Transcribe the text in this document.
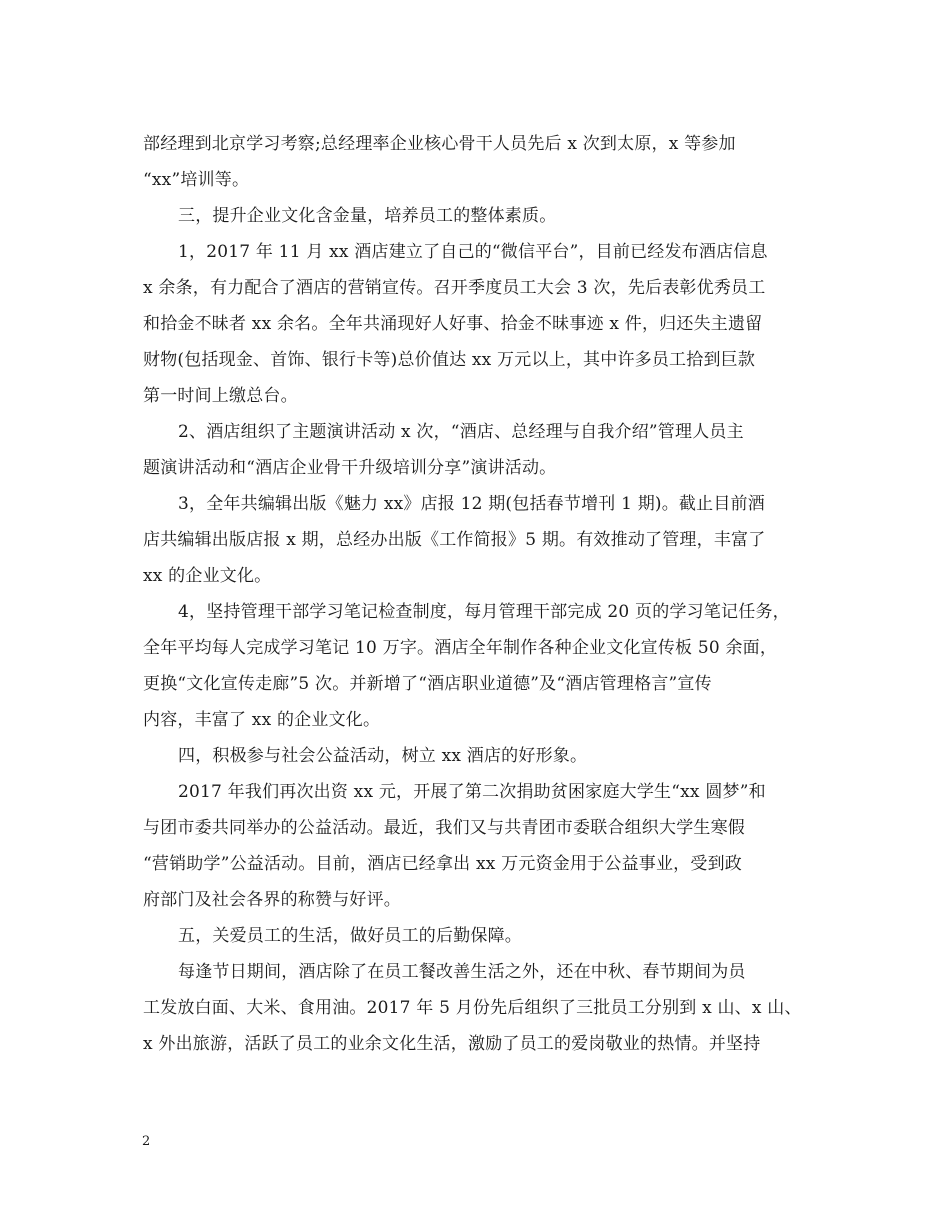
部经理到北京学习考察;总经理率企业核心骨干人员先后 x 次到太原，x 等参加
“xx”培训等。
三，提升企业文化含金量，培养员工的整体素质。
1，2017 年 11 月 xx 酒店建立了自己的“微信平台”，目前已经发布酒店信息
x 余条，有力配合了酒店的营销宣传。召开季度员工大会 3 次，先后表彰优秀员工
和拾金不昧者 xx 余名。全年共涌现好人好事、拾金不昧事迹 x 件，归还失主遗留
财物(包括现金、首饰、银行卡等)总价值达 xx 万元以上，其中许多员工拾到巨款
第一时间上缴总台。
2、酒店组织了主题演讲活动 x 次，“酒店、总经理与自我介绍”管理人员主
题演讲活动和“酒店企业骨干升级培训分享”演讲活动。
3，全年共编辑出版《魅力 xx》店报 12 期(包括春节增刊 1 期)。截止目前酒
店共编辑出版店报 x 期，总经办出版《工作简报》5 期。有效推动了管理，丰富了
xx 的企业文化。
4，坚持管理干部学习笔记检查制度，每月管理干部完成 20 页的学习笔记任务，
全年平均每人完成学习笔记 10 万字。酒店全年制作各种企业文化宣传板 50 余面，
更换“文化宣传走廊”5 次。并新增了“酒店职业道德”及“酒店管理格言”宣传
内容，丰富了 xx 的企业文化。
四，积极参与社会公益活动，树立 xx 酒店的好形象。
2017 年我们再次出资 xx 元，开展了第二次捐助贫困家庭大学生“xx 圆梦”和
与团市委共同举办的公益活动。最近，我们又与共青团市委联合组织大学生寒假
“营销助学”公益活动。目前，酒店已经拿出 xx 万元资金用于公益事业，受到政
府部门及社会各界的称赞与好评。
五，关爱员工的生活，做好员工的后勤保障。
每逢节日期间，酒店除了在员工餐改善生活之外，还在中秋、春节期间为员
工发放白面、大米、食用油。2017 年 5 月份先后组织了三批员工分别到 x 山、x 山、
x 外出旅游，活跃了员工的业余文化生活，激励了员工的爱岗敬业的热情。并坚持
2
